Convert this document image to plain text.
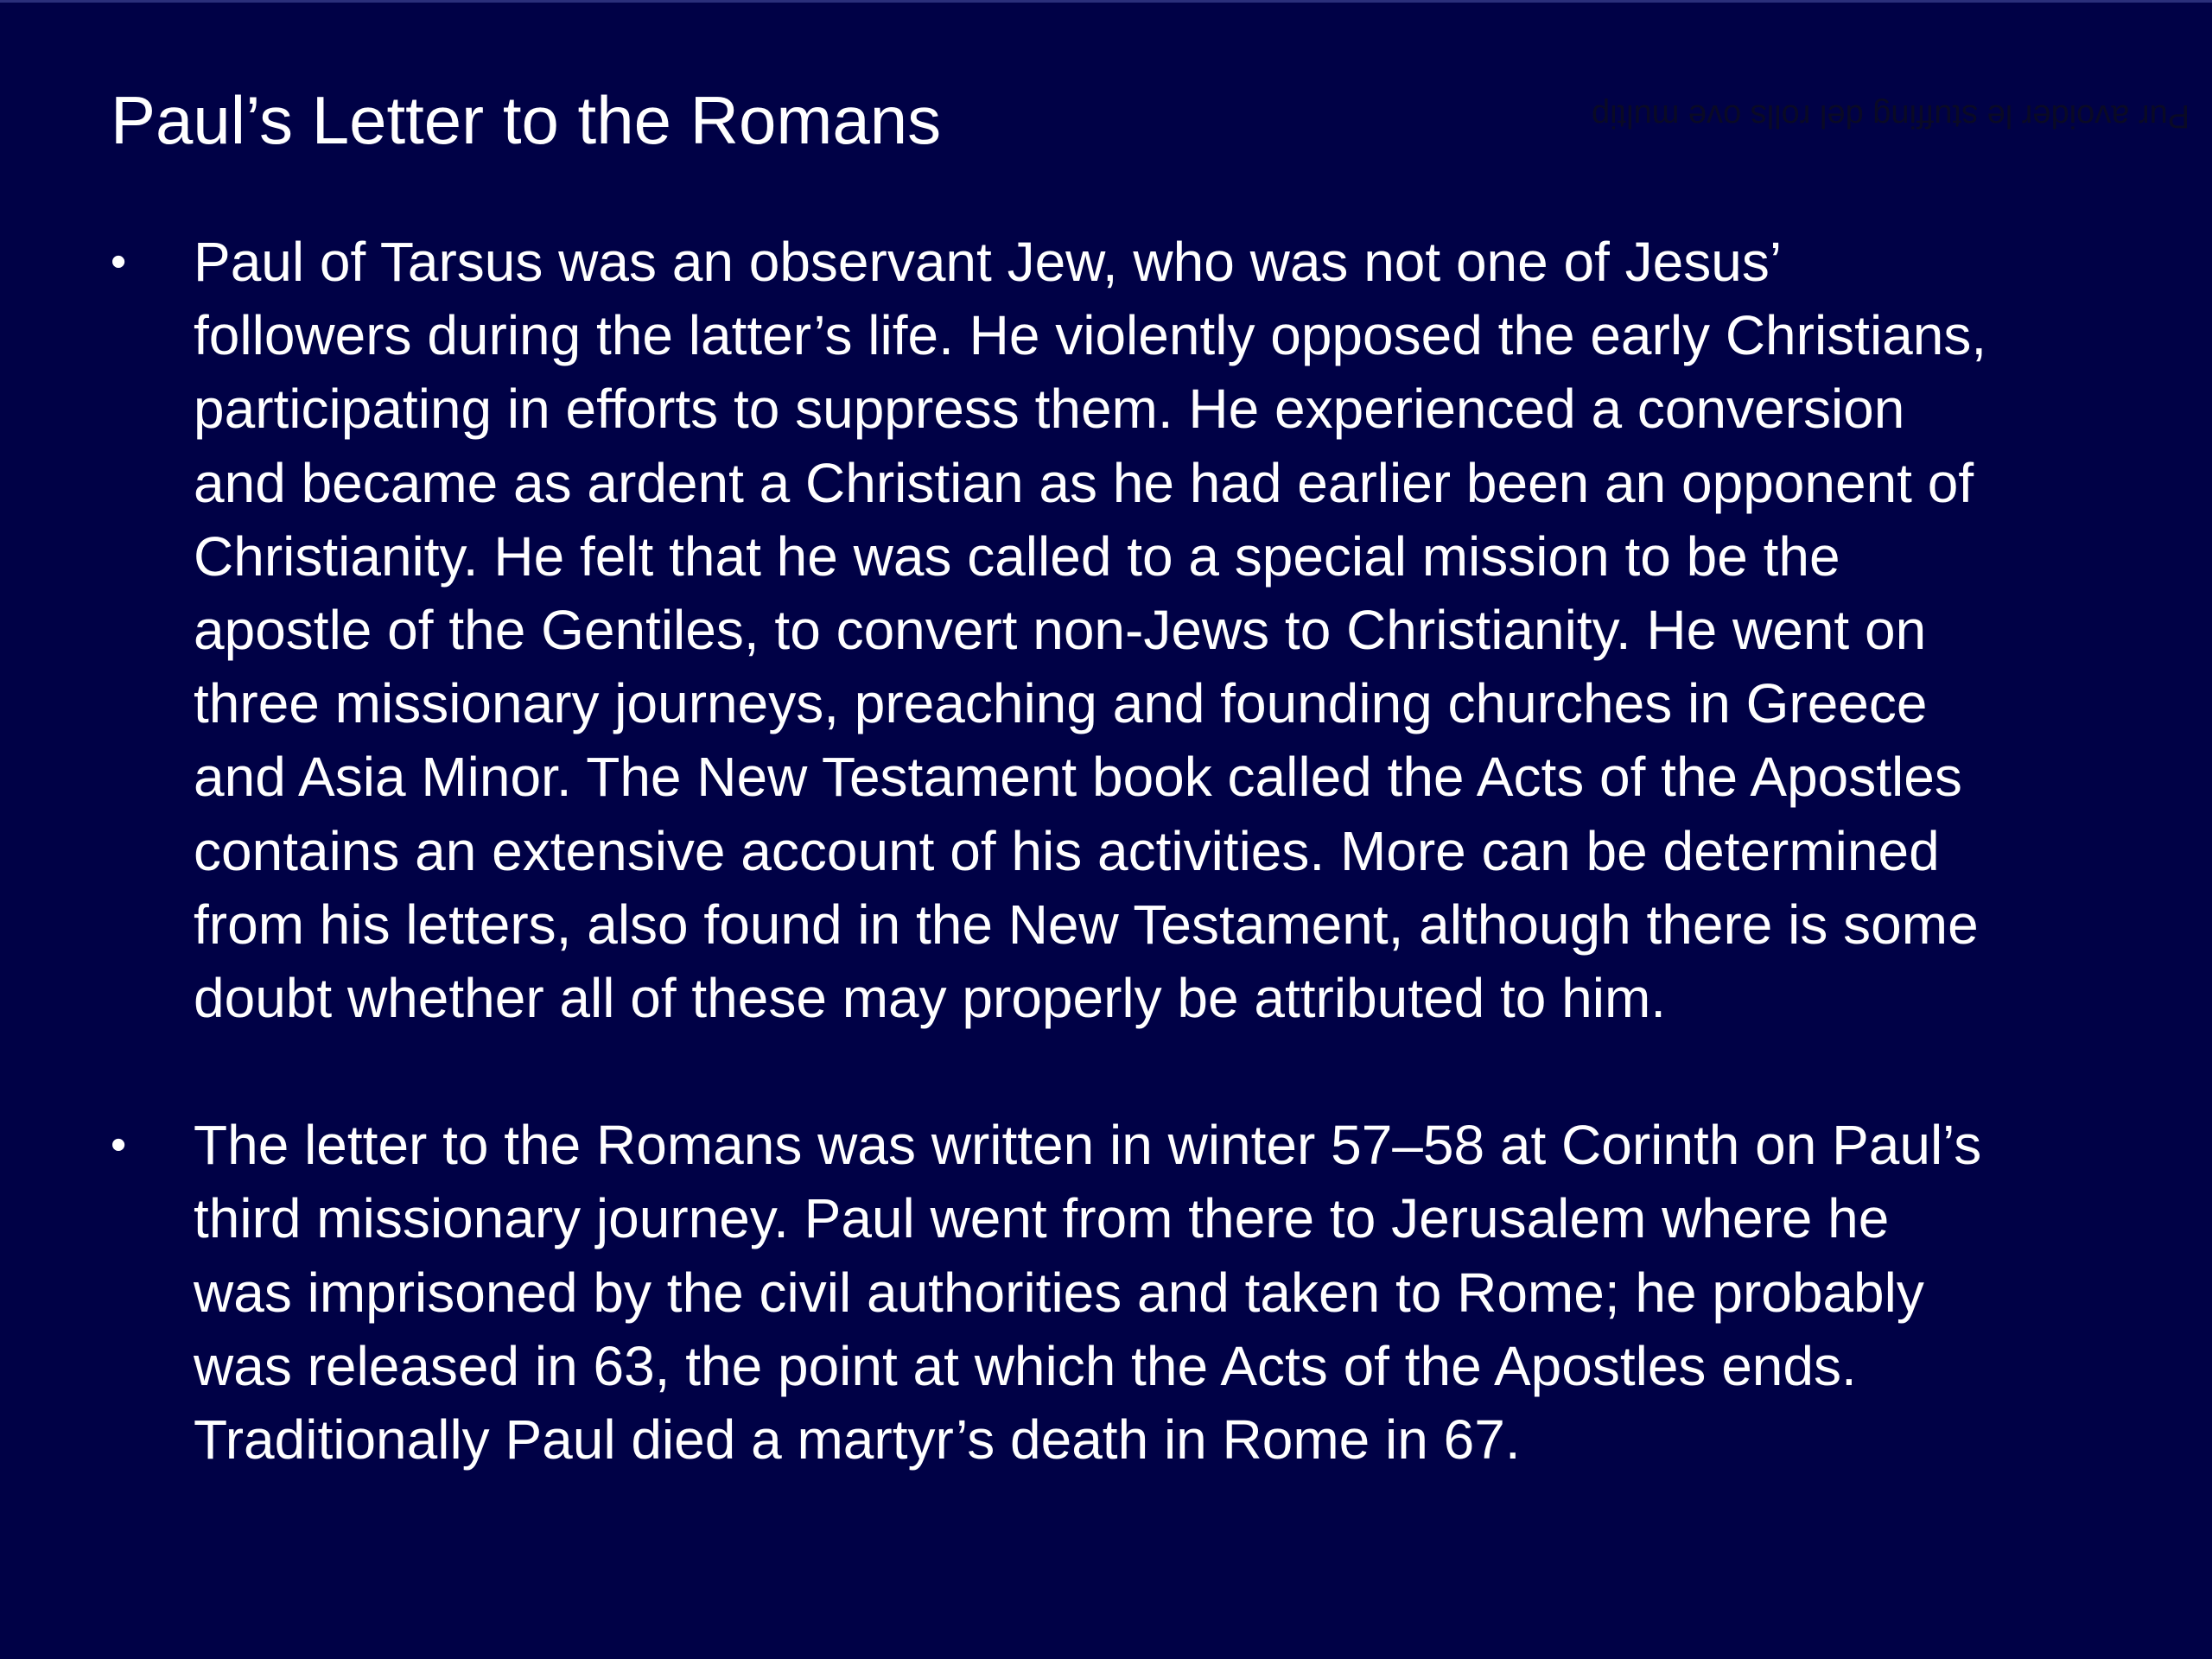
Paul’s Letter to the Romans	Pur avoider le stuffing del rolls ove multip
•	Paul of Tarsus was an observant Jew, who was not one of Jesus’
followers during the latter’s life. He violently opposed the early Christians,
participating in efforts to suppress them. He experienced a conversion
and became as ardent a Christian as he had earlier been an opponent of
Christianity. He felt that he was called to a special mission to be the
apostle of the Gentiles, to convert non-Jews to Christianity. He went on
three missionary journeys, preaching and founding churches in Greece
and Asia Minor. The New Testament book called the Acts of the Apostles
contains an extensive account of his activities. More can be determined
from his letters, also found in the New Testament, although there is some
doubt whether all of these may properly be attributed to him.
•	The letter to the Romans was written in winter 57–58 at Corinth on Paul’s
third missionary journey. Paul went from there to Jerusalem where he
was imprisoned by the civil authorities and taken to Rome; he probably
was released in 63, the point at which the Acts of the Apostles ends.
Traditionally Paul died a martyr’s death in Rome in 67.
